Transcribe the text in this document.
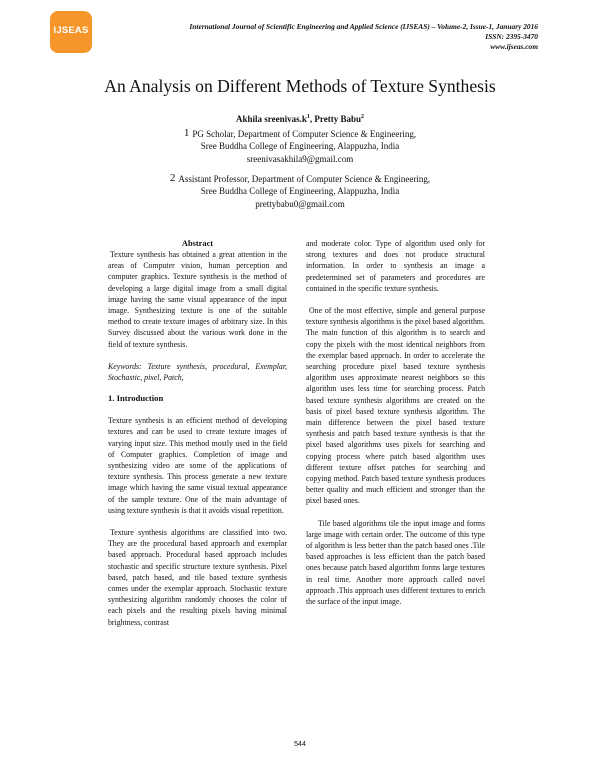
IJSEAS	International Journal of Scientific Engineering and Applied Science (IJSEAS) – Volume-2, Issue-1, January 2016
ISSN: 2395-3470
www.ijseas.com
An Analysis on Different Methods of Texture Synthesis
Akhila $sreenivas.k^1$, Pretty Babu$^2$
1 PG Scholar, Department of Computer Science & Engineering,
Sree Buddha College of Engineering, Alappuzha, India
sreenivasakhila9@gmail.com
2 Assistant Professor, Department of Computer Science & Engineering,
Sree Buddha College of Engineering, Alappuzha, India
prettybabu0@gmail.com

Abstract

Texture synthesis has obtained a great attention in the areas of Computer vision, human perception and computer graphics. Texture synthesis is the method of developing a large digital image from a small digital image having the same visual appearance of the input image. Synthesizing texture is one of the suitable method to create texture images of arbitrary size. In this Survey discussed about the various work done in the field of texture synthesis.

Keywords: Texture synthesis, procedural, Exemplar, Stochastic, pixel, Patch,

1. Introduction

Texture synthesis is an efficient method of developing textures and can be used to create texture images of varying input size. This method mostly used in the field of Computer graphics. Completion of image and synthesizing video are some of the applications of texture synthesis. This process generate a new texture image which having the same visual textual appearance of the sample texture. One of the main advantage of using texture synthesis is that it avoids visual repetition.

Texture synthesis algorithms are classified into two. They are the procedural based approach and exemplar based approach. Procedural based approach includes stochastic and specific structure texture synthesis. Pixel based, patch based, and tile based texture synthesis comes under the exemplar approach. Stochastic texture synthesizing algorithm randomly chooses the color of each pixels and the resulting pixels having minimal brightness, contrast

and moderate color. Type of algorithm used only for strong textures and does not produce structural information. In order to synthesis an image a predetermined set of parameters and procedures are contained in the specific texture synthesis.

One of the most effective, simple and general purpose texture synthesis algorithms is the pixel based algorithm. The main function of this algorithm is to search and copy the pixels with the most identical neighbors from the exemplar based approach. In order to accelerate the searching procedure pixel based texture synthesis algorithm uses approximate nearest neighbors so this algorithm uses less time for searching process. Patch based texture synthesis algorithms are created on the basis of pixel based texture synthesis algorithm. The main difference between the pixel based texture synthesis and patch based texture synthesis is that the pixel based algorithms uses pixels for searching and copying process where patch based algorithm uses different texture offset patches for searching and copying method. Patch based texture synthesis produces better quality and much efficient and stronger than the pixel based ones.

Tile based algorithms tile the input image and forms large image with certain order. The outcome of this type of algorithm is less better than the patch based ones .Tile based approaches is less efficient than the patch based ones because patch based algorithm forms large textures in real time. Another more approach called novel approach .This approach uses different textures to enrich the surface of the input image.

544
